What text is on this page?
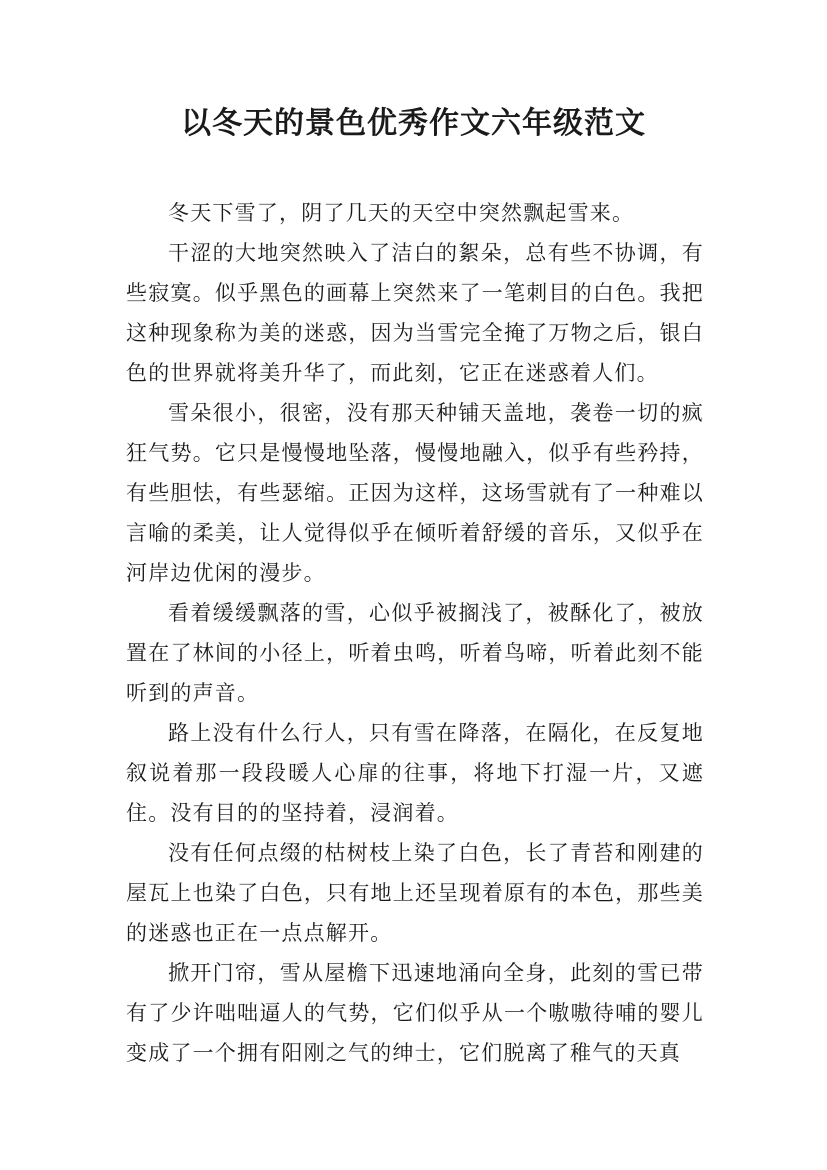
以冬天的景色优秀作文六年级范文

冬天下雪了，阴了几天的天空中突然飘起雪来。

干涩的大地突然映入了洁白的絮朵，总有些不协调，有些寂寞。似乎黑色的画幕上突然来了一笔刺目的白色。我把这种现象称为美的迷惑，因为当雪完全掩了万物之后，银白色的世界就将美升华了，而此刻，它正在迷惑着人们。

雪朵很小，很密，没有那天种铺天盖地，袭卷一切的疯狂气势。它只是慢慢地坠落，慢慢地融入，似乎有些矜持，有些胆怯，有些瑟缩。正因为这样，这场雪就有了一种难以言喻的柔美，让人觉得似乎在倾听着舒缓的音乐，又似乎在河岸边优闲的漫步。

看着缓缓飘落的雪，心似乎被搁浅了，被酥化了，被放置在了林间的小径上，听着虫鸣，听着鸟啼，听着此刻不能听到的声音。

路上没有什么行人，只有雪在降落，在隔化，在反复地叙说着那一段段暖人心扉的往事，将地下打湿一片，又遮住。没有目的的坚持着，浸润着。

没有任何点缀的枯树枝上染了白色，长了青苔和刚建的屋瓦上也染了白色，只有地上还呈现着原有的本色，那些美的迷惑也正在一点点解开。

掀开门帘，雪从屋檐下迅速地涌向全身，此刻的雪已带有了少许咄咄逼人的气势，它们似乎从一个嗷嗷待哺的婴儿变成了一个拥有阳刚之气的绅士，它们脱离了稚气的天真
